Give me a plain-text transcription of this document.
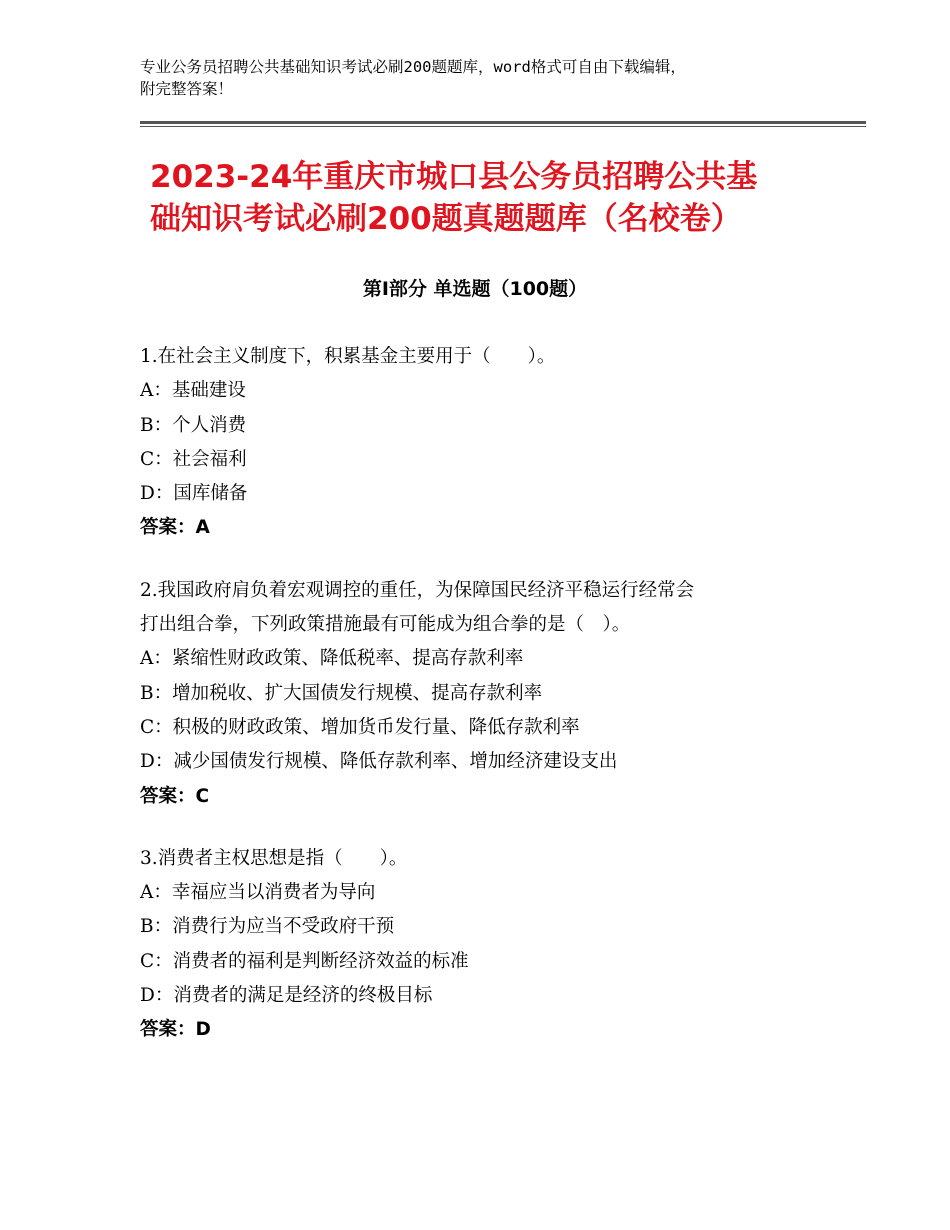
专业公务员招聘公共基础知识考试必刷200题题库，word格式可自由下载编辑，
附完整答案！
2023-24年重庆市城口县公务员招聘公共基
础知识考试必刷200题真题题库（名校卷）
第Ⅰ部分 单选题（100题）
1.在社会主义制度下，积累基金主要用于（　　）。
A：基础建设
B：个人消费
C：社会福利
D：国库储备
答案：A
2.我国政府肩负着宏观调控的重任，为保障国民经济平稳运行经常会
打出组合拳，下列政策措施最有可能成为组合拳的是（　）。
A：紧缩性财政政策、降低税率、提高存款利率
B：增加税收、扩大国债发行规模、提高存款利率
C：积极的财政政策、增加货币发行量、降低存款利率
D：减少国债发行规模、降低存款利率、增加经济建设支出
答案：C
3.消费者主权思想是指（　　）。
A：幸福应当以消费者为导向
B：消费行为应当不受政府干预
C：消费者的福利是判断经济效益的标准
D：消费者的满足是经济的终极目标
答案：D
